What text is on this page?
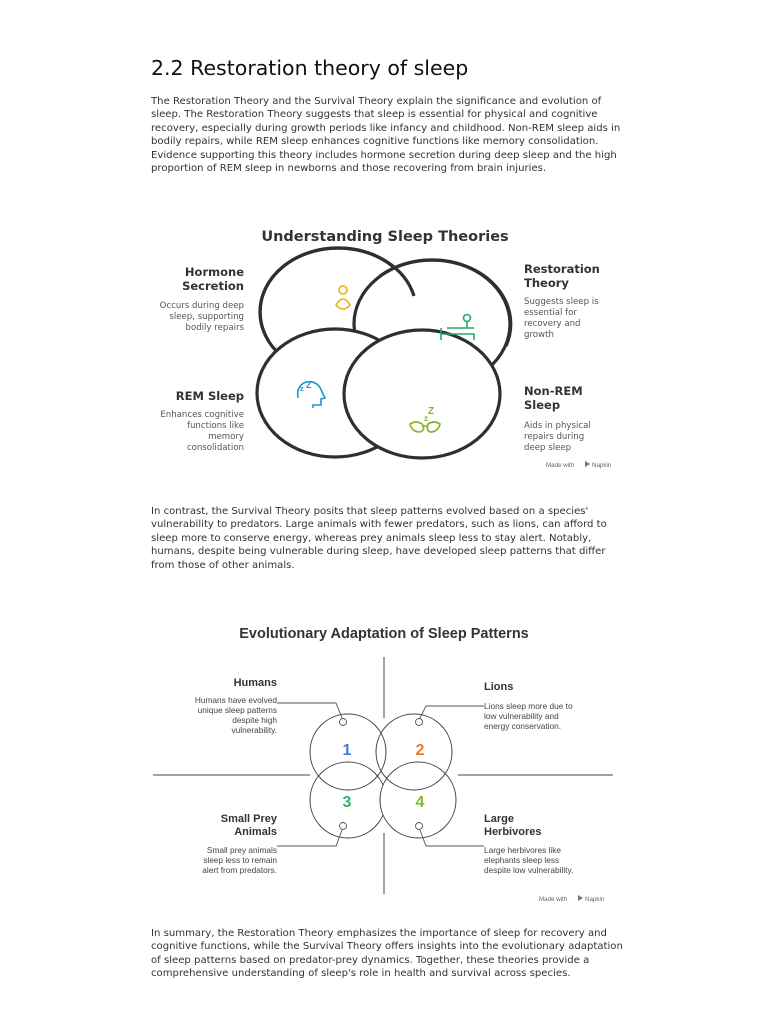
2.2 Restoration theory of sleep

The Restoration Theory and the Survival Theory explain the significance and evolution of sleep. The Restoration Theory suggests that sleep is essential for physical and cognitive recovery, especially during growth periods like infancy and childhood. Non-REM sleep aids in bodily repairs, while REM sleep enhances cognitive functions like memory consolidation. Evidence supporting this theory includes hormone secretion during deep sleep and the high proportion of REM sleep in newborns and those recovering from brain injuries.

Understanding Sleep Theories
z Z
Z
z
Hormone
Secretion
Occurs during deep
sleep, supporting
bodily repairs
Restoration
Theory
Suggests sleep is
essential for
recovery and
growth
REM Sleep
Enhances cognitive
functions like
memory
consolidation
Non-REM
Sleep
Aids in physical
repairs during
deep sleep
Made with	Napkin

In contrast, the Survival Theory posits that sleep patterns evolved based on a species' vulnerability to predators. Large animals with fewer predators, such as lions, can afford to sleep more to conserve energy, whereas prey animals sleep less to stay alert. Notably, humans, despite being vulnerable during sleep, have developed sleep patterns that differ from those of other animals.

Evolutionary Adaptation of Sleep Patterns
1	2
3	4
Humans
Humans have evolved
unique sleep patterns
despite high
vulnerability.
Lions
Lions sleep more due to
low vulnerability and
energy conservation.
Small Prey
Animals
Small prey animals
sleep less to remain
alert from predators.
Large
Herbivores
Large herbivores like
elephants sleep less
despite low vulnerability.
Made with	Napkin

In summary, the Restoration Theory emphasizes the importance of sleep for recovery and cognitive functions, while the Survival Theory offers insights into the evolutionary adaptation of sleep patterns based on predator-prey dynamics. Together, these theories provide a comprehensive understanding of sleep's role in health and survival across species.
